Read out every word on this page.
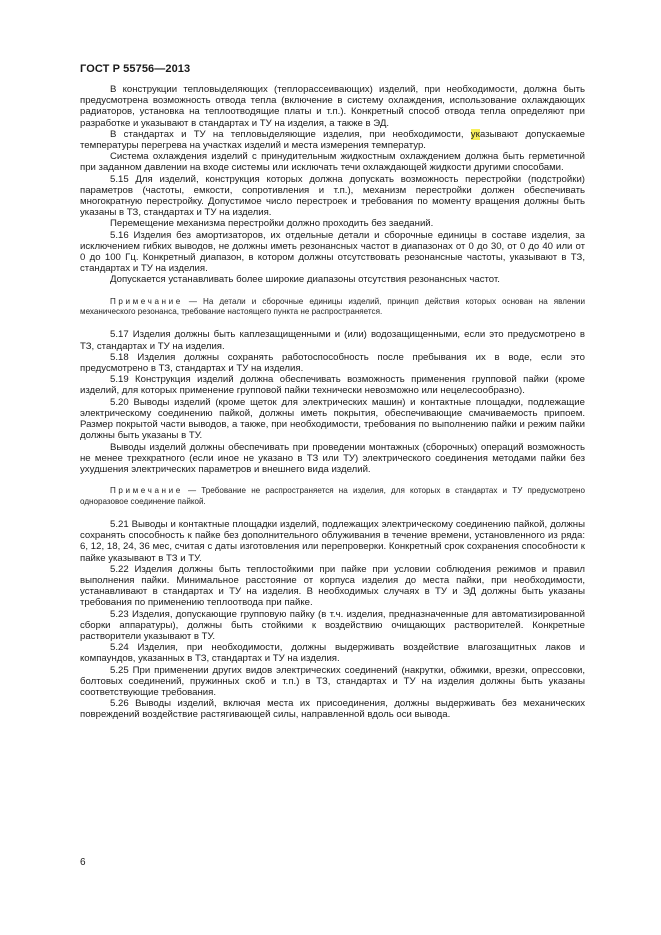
ГОСТ Р 55756—2013

В конструкции тепловыделяющих (теплорассеивающих) изделий, при необходимости, должна быть предусмотрена возможность отвода тепла (включение в систему охлаждения, использование охлаждающих радиаторов, установка на теплоотводящие платы и т.п.). Конкретный способ отвода тепла определяют при разработке и указывают в стандартах и ТУ на изделия, а также в ЭД.

В стандартах и ТУ на тепловыделяющие изделия, при необходимости, указывают допускаемые температуры перегрева на участках изделий и места измерения температур.

Система охлаждения изделий с принудительным жидкостным охлаждением должна быть герметичной при заданном давлении на входе системы или исключать течи охлаждающей жидкости другими способами.

5.15 Для изделий, конструкция которых должна допускать возможность перестройки (подстройки) параметров (частоты, емкости, сопротивления и т.п.), механизм перестройки должен обеспечивать многократную перестройку. Допустимое число перестроек и требования по моменту вращения должны быть указаны в ТЗ, стандартах и ТУ на изделия.

Перемещение механизма перестройки должно проходить без заеданий.

5.16 Изделия без амортизаторов, их отдельные детали и сборочные единицы в составе изделия, за исключением гибких выводов, не должны иметь резонансных частот в диапазонах от 0 до 30, от 0 до 40 или от 0 до 100 Гц. Конкретный диапазон, в котором должны отсутствовать резонансные частоты, указывают в ТЗ, стандартах и ТУ на изделия.

Допускается устанавливать более широкие диапазоны отсутствия резонансных частот.

Примечание — На детали и сборочные единицы изделий, принцип действия которых основан на явлении механического резонанса, требование настоящего пункта не распространяется.

5.17 Изделия должны быть каплезащищенными и (или) водозащищенными, если это предусмотрено в ТЗ, стандартах и ТУ на изделия.

5.18 Изделия должны сохранять работоспособность после пребывания их в воде, если это предусмотрено в ТЗ, стандартах и ТУ на изделия.

5.19 Конструкция изделий должна обеспечивать возможность применения групповой пайки (кроме изделий, для которых применение групповой пайки технически невозможно или нецелесообразно).

5.20 Выводы изделий (кроме щеток для электрических машин) и контактные площадки, подлежащие электрическому соединению пайкой, должны иметь покрытия, обеспечивающие смачиваемость припоем. Размер покрытой части выводов, а также, при необходимости, требования по выполнению пайки и режим пайки должны быть указаны в ТУ.

Выводы изделий должны обеспечивать при проведении монтажных (сборочных) операций возможность не менее трехкратного (если иное не указано в ТЗ или ТУ) электрического соединения методами пайки без ухудшения электрических параметров и внешнего вида изделий.

Примечание — Требование не распространяется на изделия, для которых в стандартах и ТУ предусмотрено одноразовое соединение пайкой.

5.21 Выводы и контактные площадки изделий, подлежащих электрическому соединению пайкой, должны сохранять способность к пайке без дополнительного облуживания в течение времени, установленного из ряда: 6, 12, 18, 24, 36 мес, считая с даты изготовления или перепроверки. Конкретный срок сохранения способности к пайке указывают в ТЗ и ТУ.

5.22 Изделия должны быть теплостойкими при пайке при условии соблюдения режимов и правил выполнения пайки. Минимальное расстояние от корпуса изделия до места пайки, при необходимости, устанавливают в стандартах и ТУ на изделия. В необходимых случаях в ТУ и ЭД должны быть указаны требования по применению теплоотвода при пайке.

5.23 Изделия, допускающие групповую пайку (в т.ч. изделия, предназначенные для автоматизированной сборки аппаратуры), должны быть стойкими к воздействию очищающих растворителей. Конкретные растворители указывают в ТУ.

5.24 Изделия, при необходимости, должны выдерживать воздействие влагозащитных лаков и компаундов, указанных в ТЗ, стандартах и ТУ на изделия.

5.25 При применении других видов электрических соединений (накрутки, обжимки, врезки, опрессовки, болтовых соединений, пружинных скоб и т.п.) в ТЗ, стандартах и ТУ на изделия должны быть указаны соответствующие требования.

5.26 Выводы изделий, включая места их присоединения, должны выдерживать без механических повреждений воздействие растягивающей силы, направленной вдоль оси вывода.

6
